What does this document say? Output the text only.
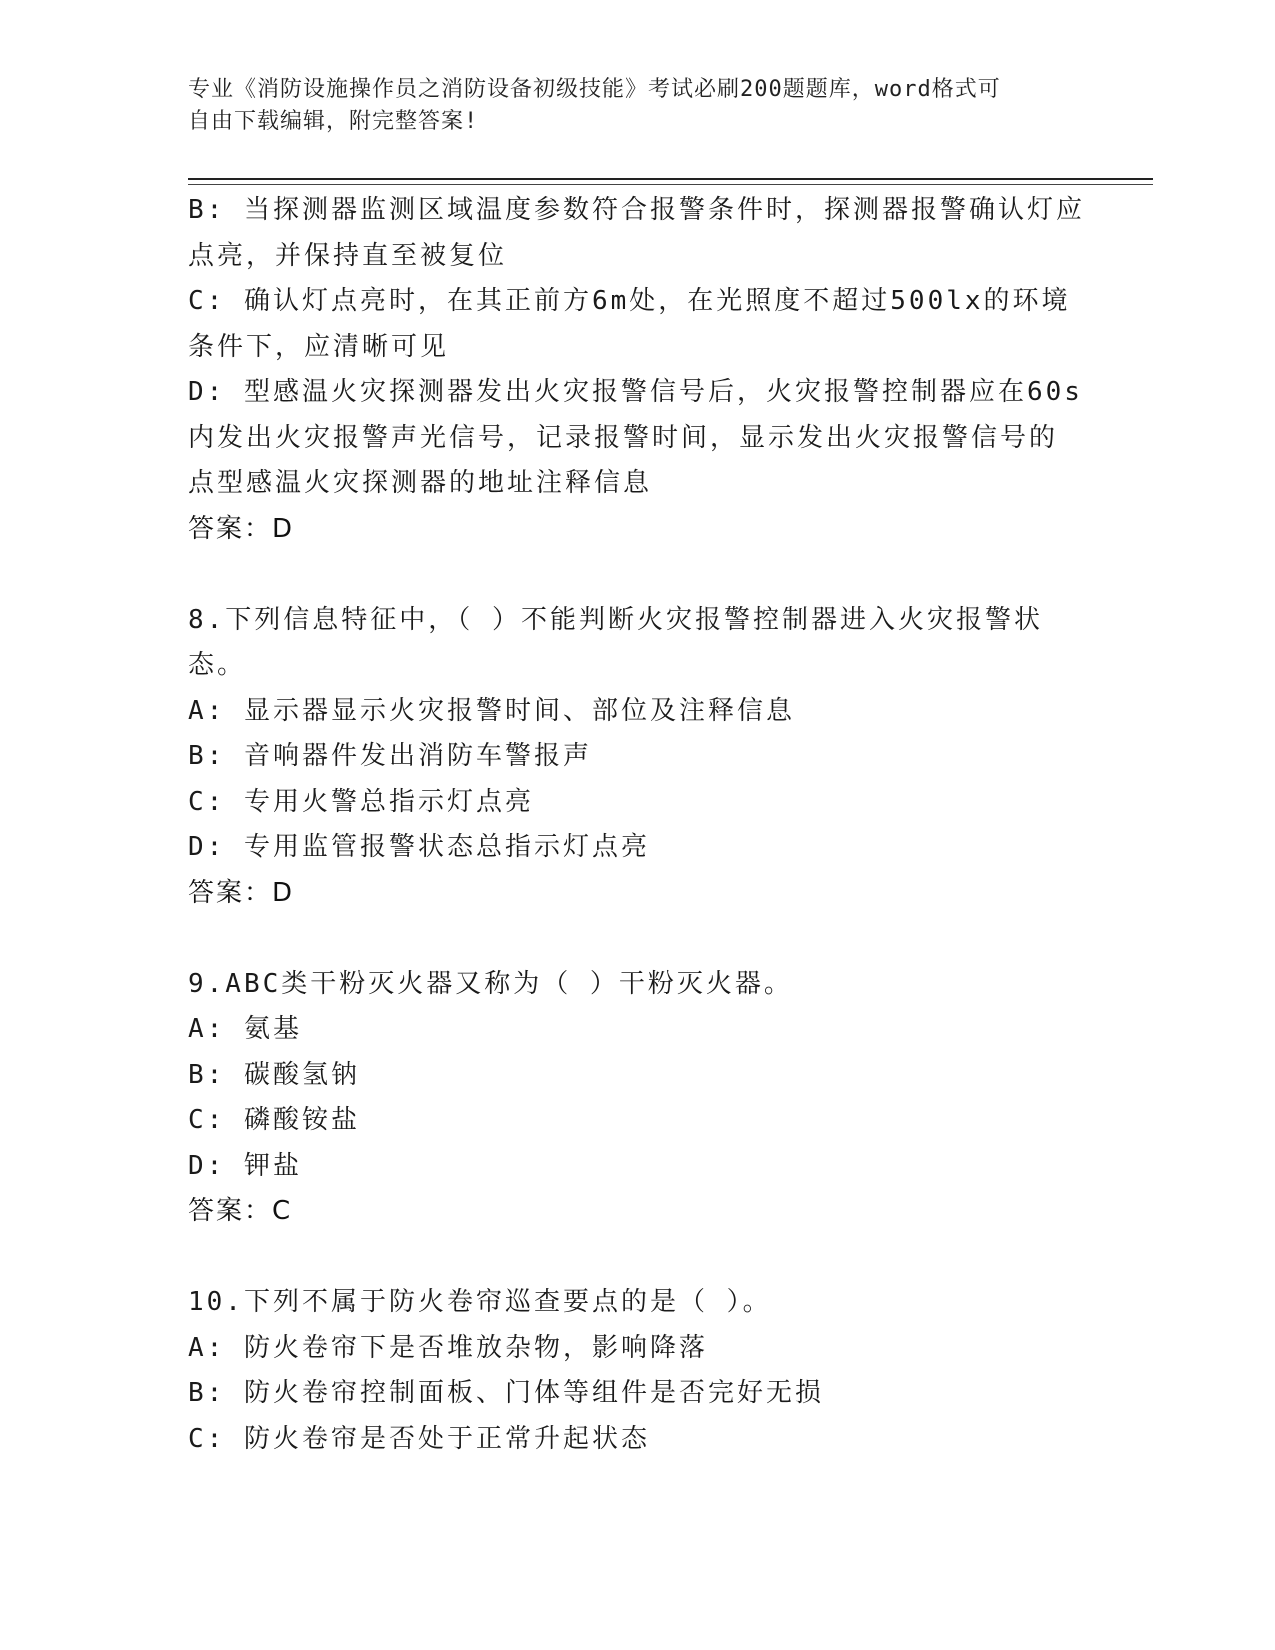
专业《消防设施操作员之消防设备初级技能》考试必刷200题题库，word格式可
自由下载编辑，附完整答案!
B: 当探测器监测区域温度参数符合报警条件时，探测器报警确认灯应
点亮，并保持直至被复位
C: 确认灯点亮时，在其正前方6m处，在光照度不超过500lx的环境
条件下，应清晰可见
D: 型感温火灾探测器发出火灾报警信号后，火灾报警控制器应在60s
内发出火灾报警声光信号，记录报警时间，显示发出火灾报警信号的
点型感温火灾探测器的地址注释信息
答案：D
8.下列信息特征中，（ ）不能判断火灾报警控制器进入火灾报警状
态。
A: 显示器显示火灾报警时间、部位及注释信息
B: 音响器件发出消防车警报声
C: 专用火警总指示灯点亮
D: 专用监管报警状态总指示灯点亮
答案：D
9.ABC类干粉灭火器又称为（ ）干粉灭火器。
A: 氨基
B: 碳酸氢钠
C: 磷酸铵盐
D: 钾盐
答案：C
10.下列不属于防火卷帘巡查要点的是（ ）。
A: 防火卷帘下是否堆放杂物，影响降落
B: 防火卷帘控制面板、门体等组件是否完好无损
C: 防火卷帘是否处于正常升起状态
